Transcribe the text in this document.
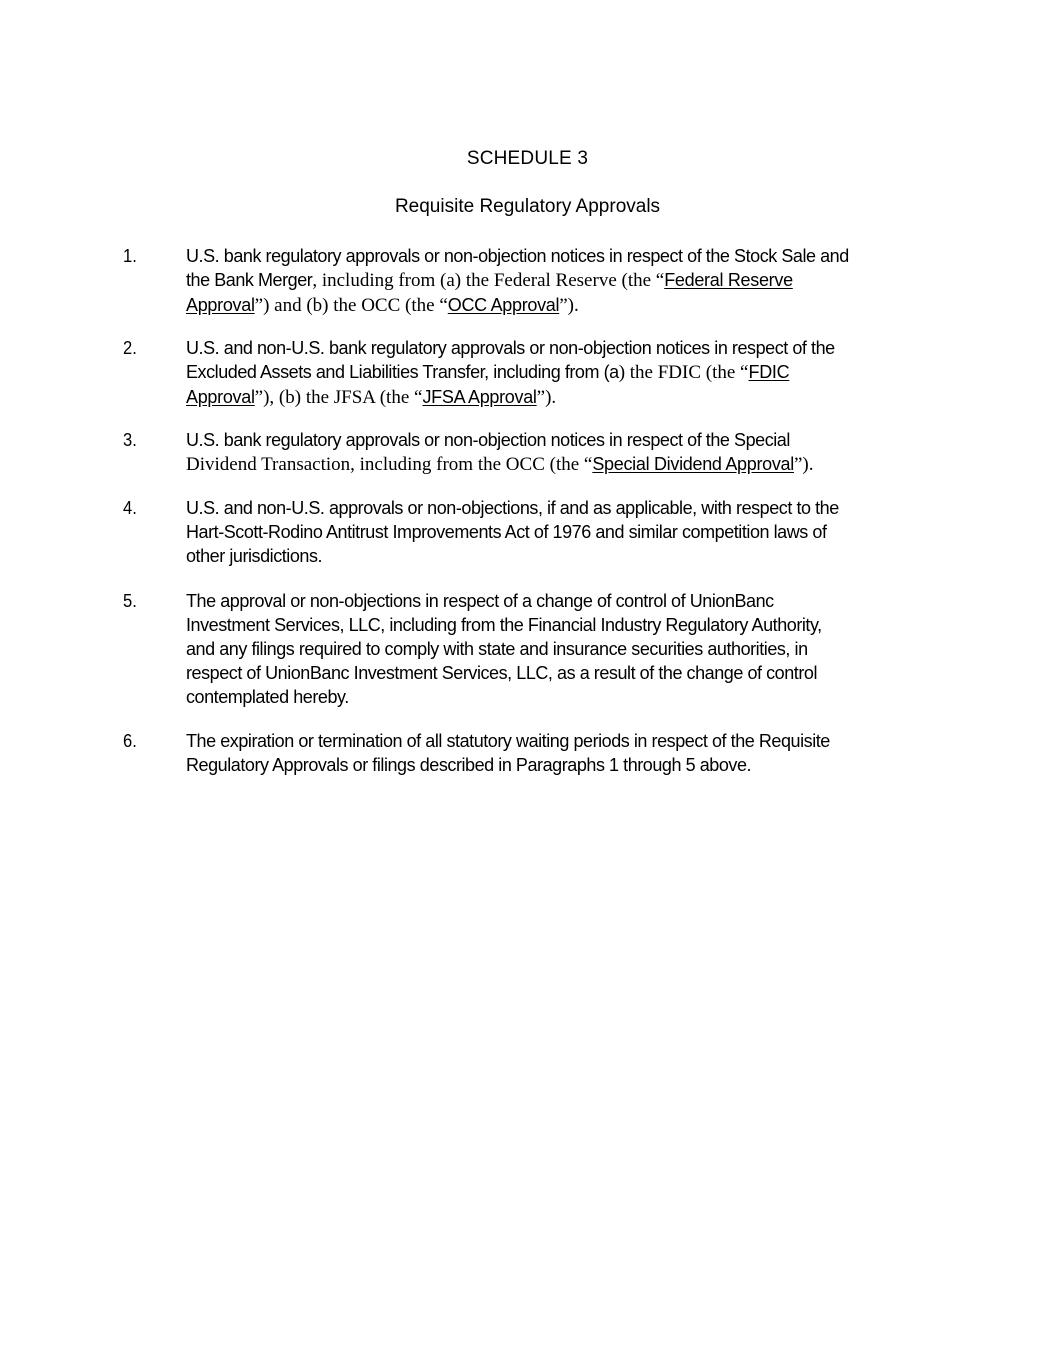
SCHEDULE 3
Requisite Regulatory Approvals
1.	U.S. bank regulatory approvals or non-objection notices in respect of the Stock Sale and
the Bank Merger, including from (a) the Federal Reserve (the “Federal Reserve
Approval”) and (b) the OCC (the “OCC Approval”).
2.	U.S. and non-U.S. bank regulatory approvals or non-objection notices in respect of the
Excluded Assets and Liabilities Transfer, including from (a) the FDIC (the “FDIC
Approval”), (b) the JFSA (the “JFSA Approval”).
3.	U.S. bank regulatory approvals or non-objection notices in respect of the Special
Dividend Transaction, including from the OCC (the “Special Dividend Approval”).
4.	U.S. and non-U.S. approvals or non-objections, if and as applicable, with respect to the
Hart-Scott-Rodino Antitrust Improvements Act of 1976 and similar competition laws of
other jurisdictions.
5.	The approval or non-objections in respect of a change of control of UnionBanc
Investment Services, LLC, including from the Financial Industry Regulatory Authority,
and any filings required to comply with state and insurance securities authorities, in
respect of UnionBanc Investment Services, LLC, as a result of the change of control
contemplated hereby.
6.	The expiration or termination of all statutory waiting periods in respect of the Requisite
Regulatory Approvals or filings described in Paragraphs 1 through 5 above.
